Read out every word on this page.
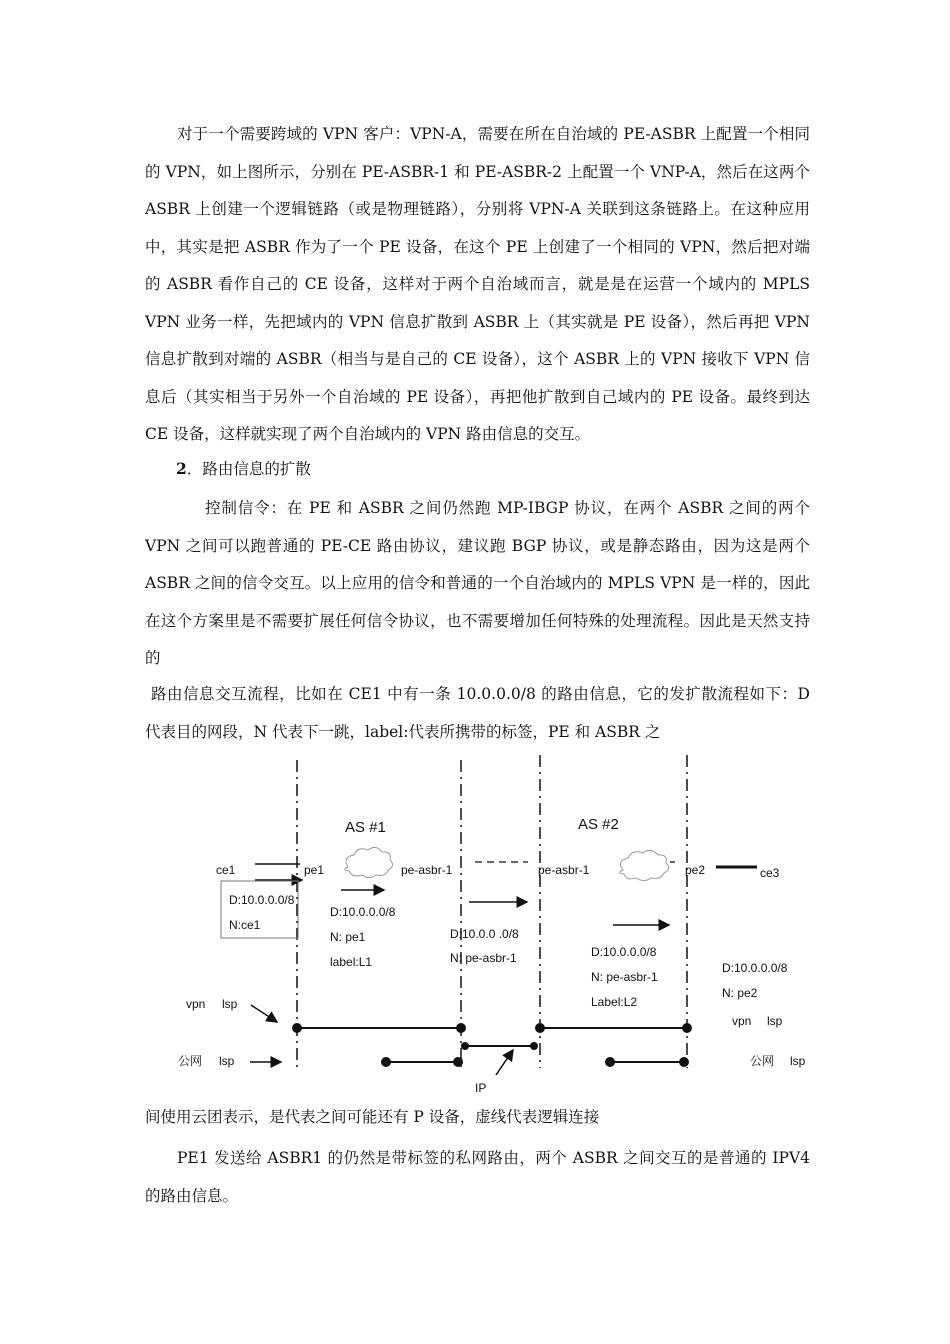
对于一个需要跨域的 VPN 客户：VPN-A，需要在所在自治域的 PE-ASBR 上配置一个相同的 VPN，如上图所示，分别在 PE-ASBR-1 和 PE-ASBR-2 上配置一个 VNP-A，然后在这两个 ASBR 上创建一个逻辑链路（或是物理链路），分别将 VPN-A 关联到这条链路上。在这种应用中，其实是把 ASBR 作为了一个 PE 设备，在这个 PE 上创建了一个相同的 VPN，然后把对端的 ASBR 看作自己的 CE 设备，这样对于两个自治域而言，就是是在运营一个域内的 MPLS VPN 业务一样，先把域内的 VPN 信息扩散到 ASBR 上（其实就是 PE 设备），然后再把 VPN 信息扩散到对端的 ASBR（相当与是自己的 CE 设备），这个 ASBR 上的 VPN 接收下 VPN 信息后（其实相当于另外一个自治域的 PE 设备），再把他扩散到自己域内的 PE 设备。最终到达 CE 设备，这样就实现了两个自治域内的 VPN 路由信息的交互。

2．路由信息的扩散

控制信令：在 PE 和 ASBR 之间仍然跑 MP-IBGP 协议，在两个 ASBR 之间的两个 VPN 之间可以跑普通的 PE-CE 路由协议，建议跑 BGP 协议，或是静态路由，因为这是两个 ASBR 之间的信令交互。以上应用的信令和普通的一个自治域内的 MPLS VPN 是一样的，因此在这个方案里是不需要扩展任何信令协议，也不需要增加任何特殊的处理流程。因此是天然支持的

路由信息交互流程，比如在 CE1 中有一条 10.0.0.0/8 的路由信息，它的发扩散流程如下：D 代表目的网段，N 代表下一跳，label:代表所携带的标签，PE 和 ASBR 之

AS #1	AS #2
ce1	pe1	pe-asbr-1	pe-asbr-1	pe2	ce3
D:10.0.0.0/8
N:ce1
D:10.0.0.0/8
N: pe1
label:L1
D:10.0.0 .0/8
N: pe-asbr-1	D:10.0.0.0/8
N: pe-asbr-1
Label:L2
D:10.0.0.0/8
N: pe2
vpn lsp
vpn lsp
公网 lsp	公网 lsp
IP

间使用云团表示，是代表之间可能还有 P 设备，虚线代表逻辑连接

PE1 发送给 ASBR1 的仍然是带标签的私网路由，两个 ASBR 之间交互的是普通的 IPV4 的路由信息。
